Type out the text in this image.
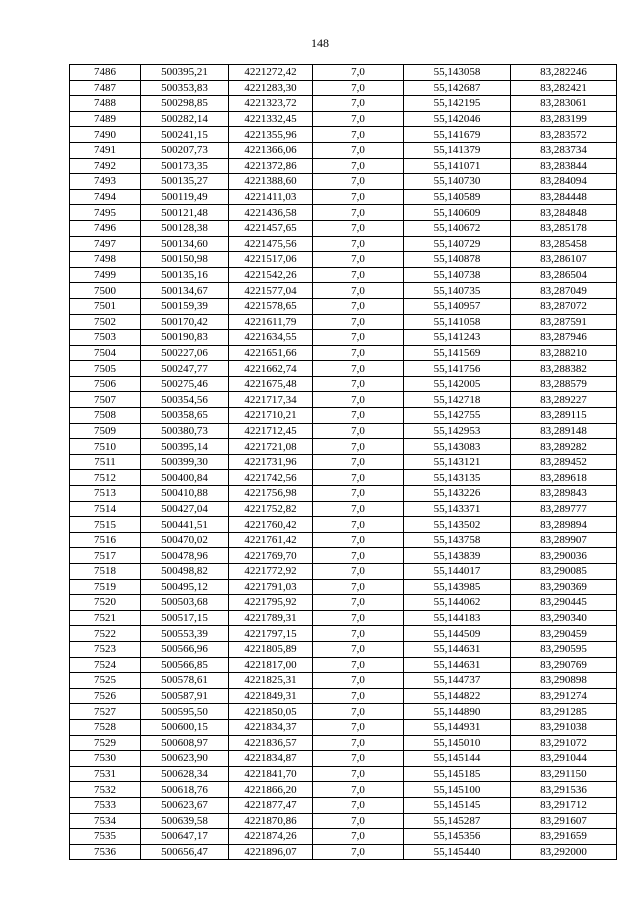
148
7486	500395,21	4221272,42	7,0	55,143058	83,282246
7487	500353,83	4221283,30	7,0	55,142687	83,282421
7488	500298,85	4221323,72	7,0	55,142195	83,283061
7489	500282,14	4221332,45	7,0	55,142046	83,283199
7490	500241,15	4221355,96	7,0	55,141679	83,283572
7491	500207,73	4221366,06	7,0	55,141379	83,283734
7492	500173,35	4221372,86	7,0	55,141071	83,283844
7493	500135,27	4221388,60	7,0	55,140730	83,284094
7494	500119,49	4221411,03	7,0	55,140589	83,284448
7495	500121,48	4221436,58	7,0	55,140609	83,284848
7496	500128,38	4221457,65	7,0	55,140672	83,285178
7497	500134,60	4221475,56	7,0	55,140729	83,285458
7498	500150,98	4221517,06	7,0	55,140878	83,286107
7499	500135,16	4221542,26	7,0	55,140738	83,286504
7500	500134,67	4221577,04	7,0	55,140735	83,287049
7501	500159,39	4221578,65	7,0	55,140957	83,287072
7502	500170,42	4221611,79	7,0	55,141058	83,287591
7503	500190,83	4221634,55	7,0	55,141243	83,287946
7504	500227,06	4221651,66	7,0	55,141569	83,288210
7505	500247,77	4221662,74	7,0	55,141756	83,288382
7506	500275,46	4221675,48	7,0	55,142005	83,288579
7507	500354,56	4221717,34	7,0	55,142718	83,289227
7508	500358,65	4221710,21	7,0	55,142755	83,289115
7509	500380,73	4221712,45	7,0	55,142953	83,289148
7510	500395,14	4221721,08	7,0	55,143083	83,289282
7511	500399,30	4221731,96	7,0	55,143121	83,289452
7512	500400,84	4221742,56	7,0	55,143135	83,289618
7513	500410,88	4221756,98	7,0	55,143226	83,289843
7514	500427,04	4221752,82	7,0	55,143371	83,289777
7515	500441,51	4221760,42	7,0	55,143502	83,289894
7516	500470,02	4221761,42	7,0	55,143758	83,289907
7517	500478,96	4221769,70	7,0	55,143839	83,290036
7518	500498,82	4221772,92	7,0	55,144017	83,290085
7519	500495,12	4221791,03	7,0	55,143985	83,290369
7520	500503,68	4221795,92	7,0	55,144062	83,290445
7521	500517,15	4221789,31	7,0	55,144183	83,290340
7522	500553,39	4221797,15	7,0	55,144509	83,290459
7523	500566,96	4221805,89	7,0	55,144631	83,290595
7524	500566,85	4221817,00	7,0	55,144631	83,290769
7525	500578,61	4221825,31	7,0	55,144737	83,290898
7526	500587,91	4221849,31	7,0	55,144822	83,291274
7527	500595,50	4221850,05	7,0	55,144890	83,291285
7528	500600,15	4221834,37	7,0	55,144931	83,291038
7529	500608,97	4221836,57	7,0	55,145010	83,291072
7530	500623,90	4221834,87	7,0	55,145144	83,291044
7531	500628,34	4221841,70	7,0	55,145185	83,291150
7532	500618,76	4221866,20	7,0	55,145100	83,291536
7533	500623,67	4221877,47	7,0	55,145145	83,291712
7534	500639,58	4221870,86	7,0	55,145287	83,291607
7535	500647,17	4221874,26	7,0	55,145356	83,291659
7536	500656,47	4221896,07	7,0	55,145440	83,292000
